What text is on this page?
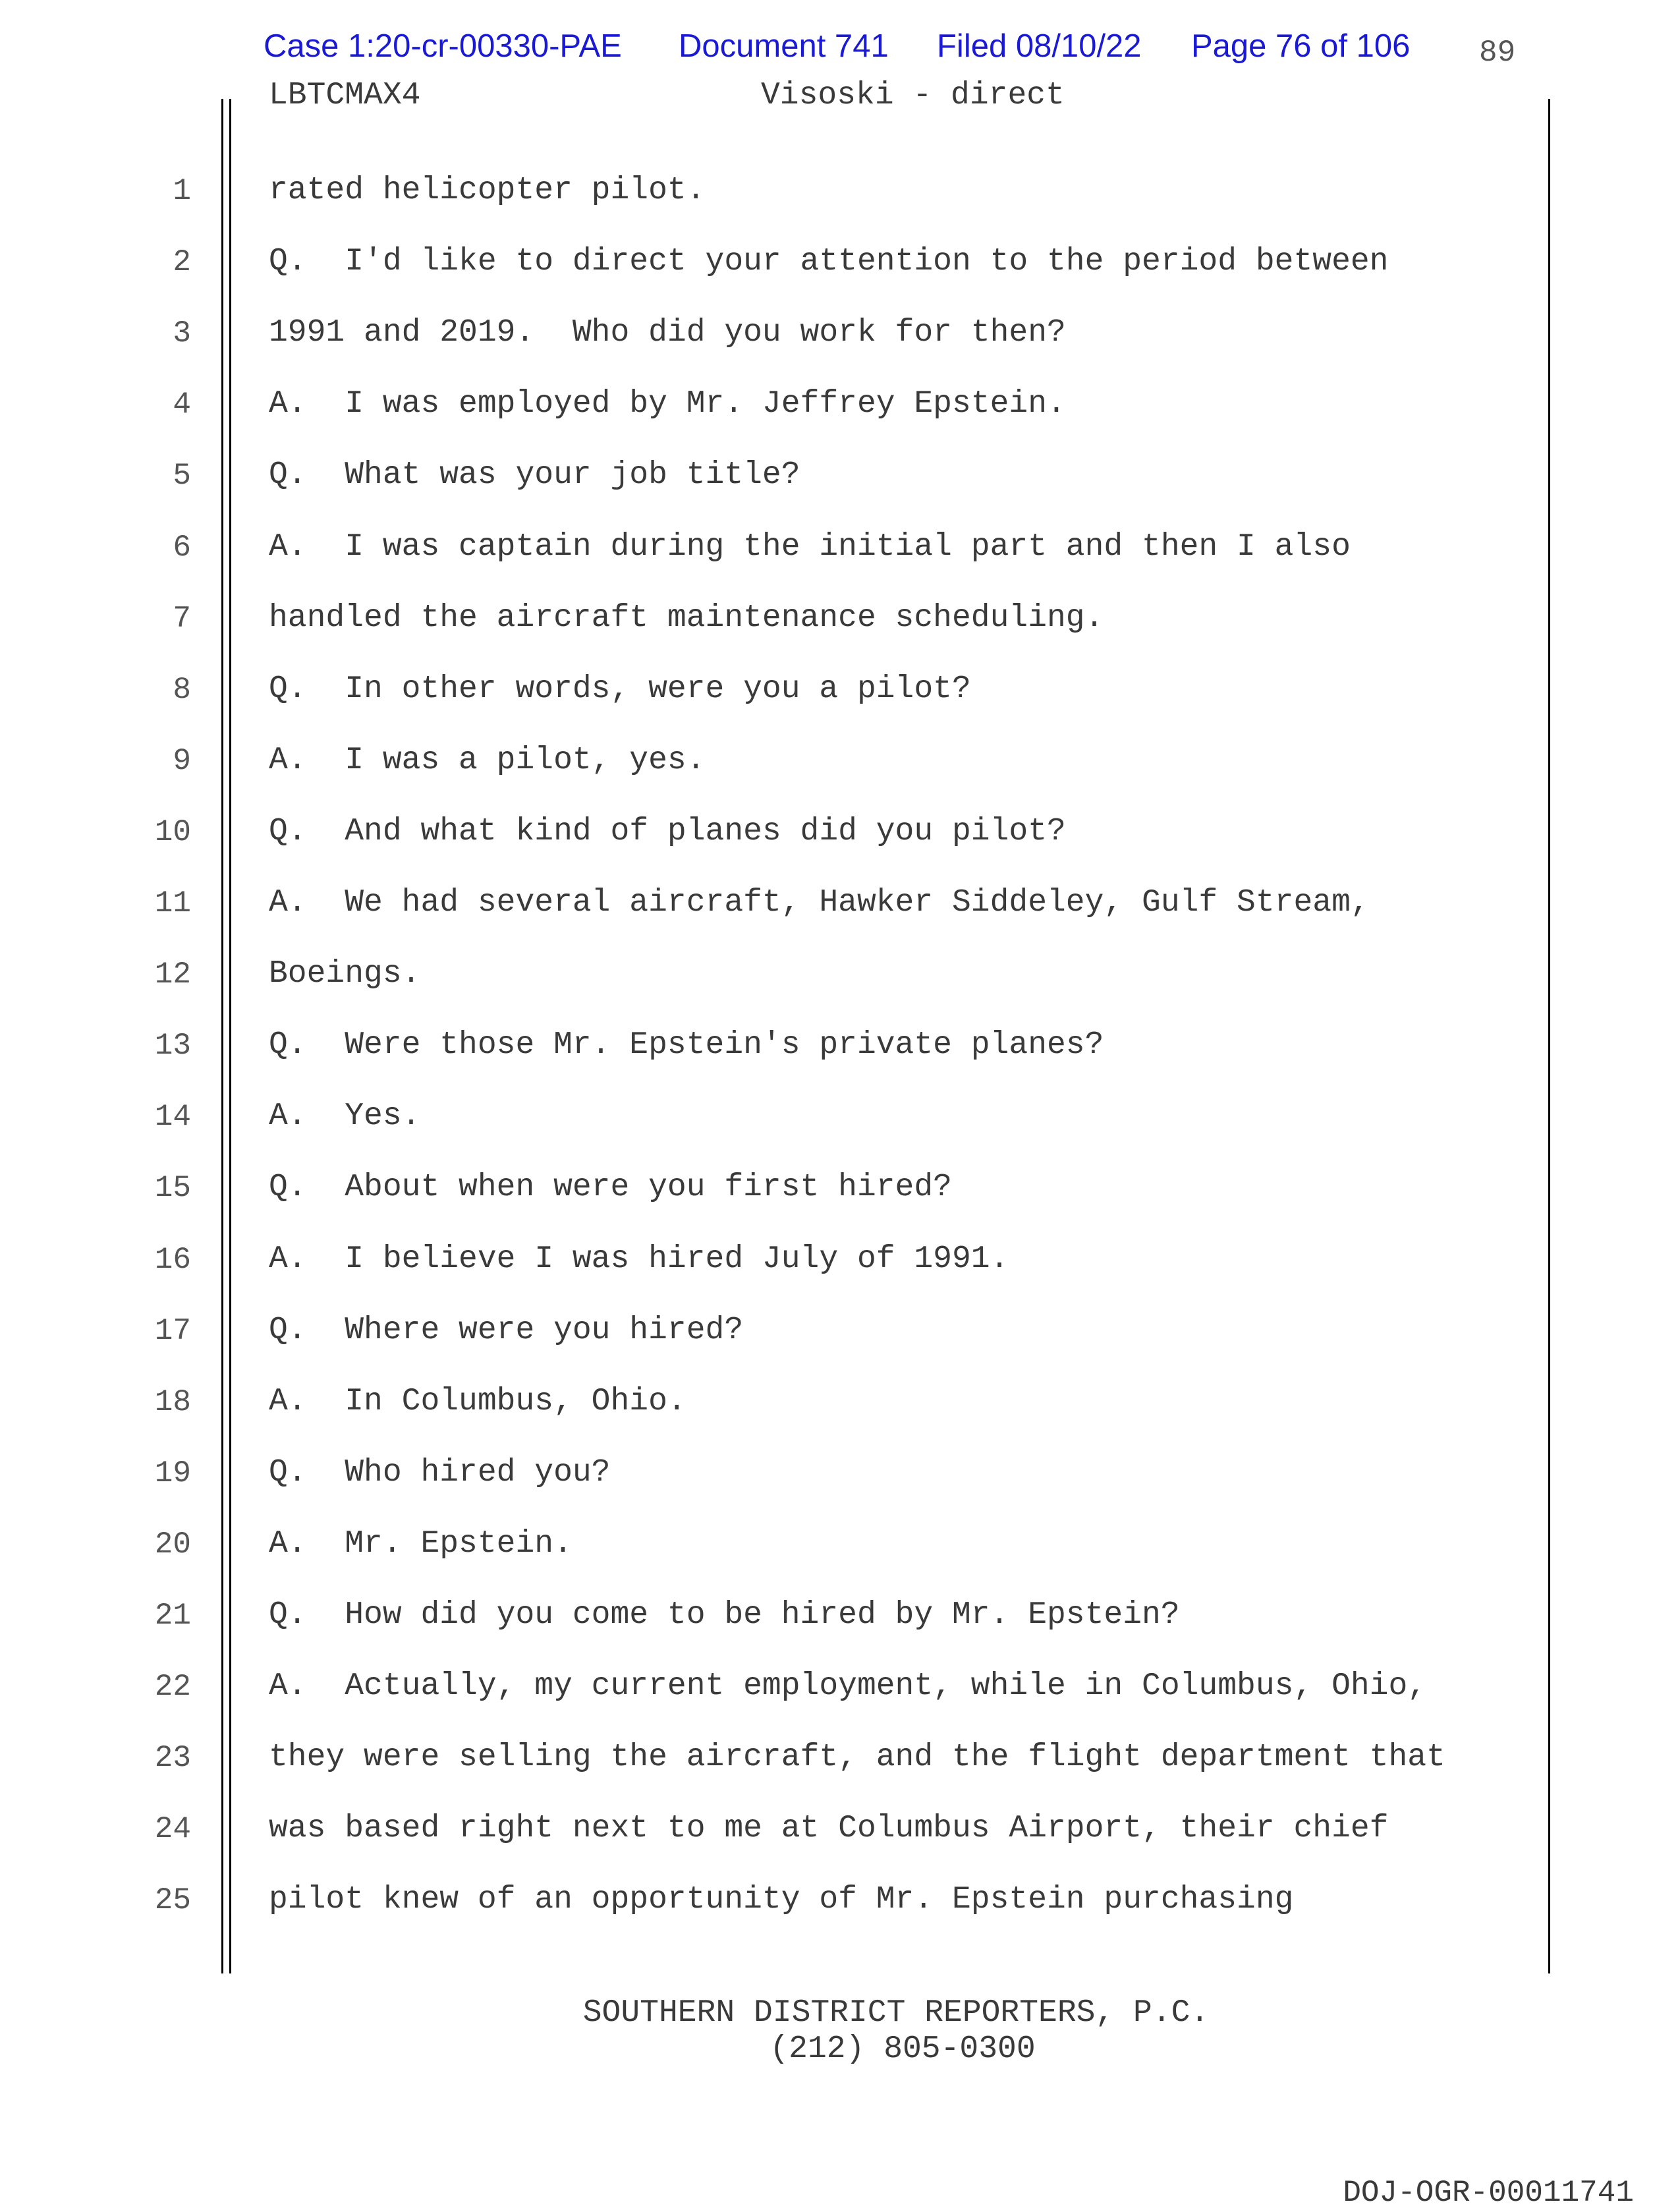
Case 1:20-cr-00330-PAE Document 741 Filed 08/10/22 Page 76 of 106 89
LBTCMAX4	Visoski - direct
1 rated helicopter pilot.
2 Q.  I'd like to direct your attention to the period between
3 1991 and 2019.  Who did you work for then?
4 A.  I was employed by Mr. Jeffrey Epstein.
5 Q.  What was your job title?
6 A.  I was captain during the initial part and then I also
7 handled the aircraft maintenance scheduling.
8 Q.  In other words, were you a pilot?
9 A.  I was a pilot, yes.
10 Q.  And what kind of planes did you pilot?
11 A.  We had several aircraft, Hawker Siddeley, Gulf Stream,
12 Boeings.
13 Q.  Were those Mr. Epstein's private planes?
14 A.  Yes.
15 Q.  About when were you first hired?
16 A.  I believe I was hired July of 1991.
17 Q.  Where were you hired?
18 A.  In Columbus, Ohio.
19 Q.  Who hired you?
20 A.  Mr. Epstein.
21 Q.  How did you come to be hired by Mr. Epstein?
22 A.  Actually, my current employment, while in Columbus, Ohio,
23 they were selling the aircraft, and the flight department that
24 was based right next to me at Columbus Airport, their chief
25 pilot knew of an opportunity of Mr. Epstein purchasing
SOUTHERN DISTRICT REPORTERS, P.C.
(212) 805-0300
DOJ-OGR-00011741
